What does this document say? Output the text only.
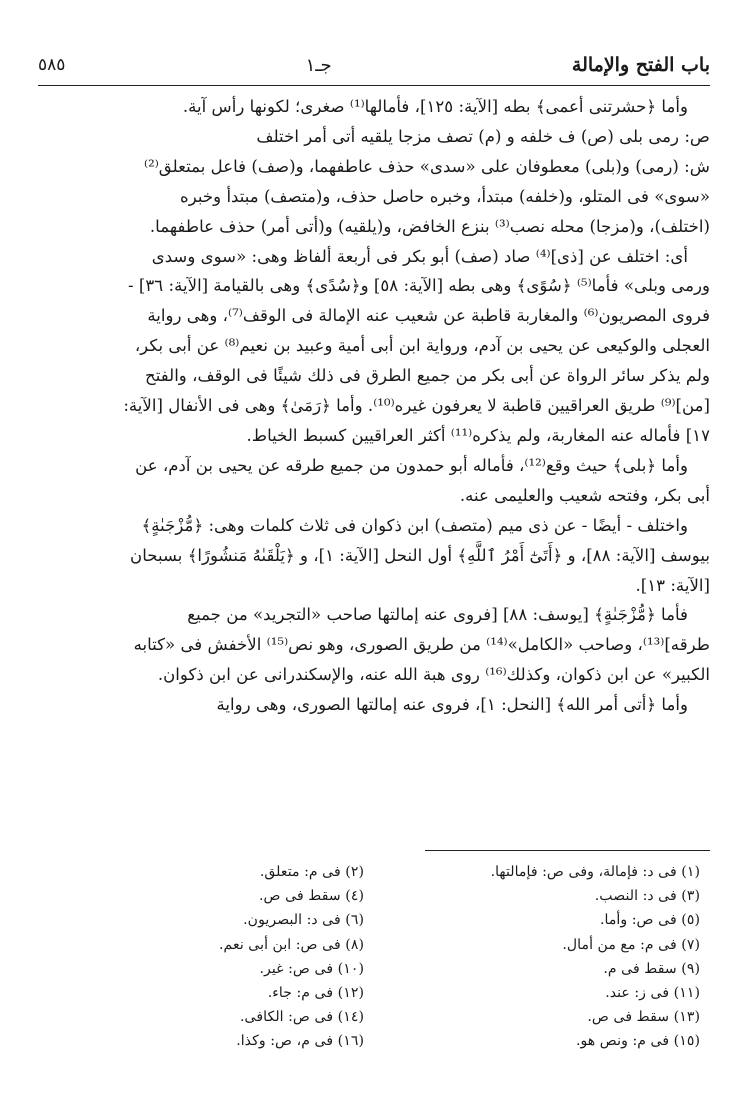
باب الفتح والإمالة
جـ١
٥٨٥

وأما ﴿حشرتنى أعمى﴾ بطه [الآية: ١٢٥]، فأمالها⁽¹⁾ صغرى؛ لكونها رأس آية.

ص: رمى بلى (ص) ف خلفه و (م) تصف مزجا يلقيه أتى أمر اختلف

ش: (رمى) و(بلى) معطوفان على «سدى» حذف عاطفهما، و(صف) فاعل بمتعلق⁽²⁾

«سوى» فى المتلو، و(خلفه) مبتدأ، وخبره حاصل حذف، و(متصف) مبتدأ وخبره

(اختلف)، و(مزجا) محله نصب⁽³⁾ بنزع الخافض، و(يلقيه) و(أتى أمر) حذف عاطفهما.

أى: اختلف عن [ذى]⁽⁴⁾ صاد (صف) أبو بكر فى أربعة ألفاظ وهى: «سوى وسدى

ورمى وبلى» فأما⁽⁵⁾ ﴿سُوًى﴾ وهى بطه [الآية: ٥٨] و﴿سُدًى﴾ وهى بالقيامة [الآية: ٣٦] -

فروى المصريون⁽⁶⁾ والمغاربة قاطبة عن شعيب عنه الإمالة فى الوقف⁽⁷⁾، وهى رواية

العجلى والوكيعى عن يحيى بن آدم، ورواية ابن أبى أمية وعبيد بن نعيم⁽⁸⁾ عن أبى بكر،

ولم يذكر سائر الرواة عن أبى بكر من جميع الطرق فى ذلك شيئًا فى الوقف، والفتح

[من]⁽⁹⁾ طريق العراقيين قاطبة لا يعرفون غيره⁽¹⁰⁾. وأما ﴿رَمَىٰ﴾ وهى فى الأنفال [الآية:

١٧] فأماله عنه المغاربة، ولم يذكره⁽¹¹⁾ أكثر العراقيين كسبط الخياط.

وأما ﴿بلى﴾ حيث وقع⁽¹²⁾، فأماله أبو حمدون من جميع طرقه عن يحيى بن آدم، عن

أبى بكر، وفتحه شعيب والعليمى عنه.

واختلف - أيضًا - عن ذى ميم (متصف) ابن ذكوان فى ثلاث كلمات وهى: ﴿مُّزْجَىٰةٍ﴾

بيوسف [الآية: ٨٨]، و ﴿أَتَىٰٓ أَمْرُ ٱللَّهِ﴾ أول النحل [الآية: ١]، و ﴿يَلْقَىٰهُ مَنشُورًا﴾ بسبحان

[الآية: ١٣].

فأما ﴿مُّزْجَىٰةٍ﴾ [يوسف: ٨٨] [فروى عنه إمالتها صاحب «التجريد» من جميع

طرقه]⁽¹³⁾، وصاحب «الكامل»⁽¹⁴⁾ من طريق الصورى، وهو نص⁽¹⁵⁾ الأخفش فى «كتابه

الكبير» عن ابن ذكوان، وكذلك⁽¹⁶⁾ روى هبة الله عنه، والإسكندرانى عن ابن ذكوان.

وأما ﴿أتى أمر الله﴾ [النحل: ١]، فروى عنه إمالتها الصورى، وهى رواية

(١) فى د: فإمالة، وفى ص: فإمالتها.
(٢) فى م: متعلق.
(٣) فى د: النصب.
(٤) سقط فى ص.
(٥) فى ص: وأما.
(٦) فى د: البصريون.
(٧) فى م: مع من أمال.
(٨) فى ص: ابن أبى نعم.
(٩) سقط فى م.
(١٠) فى ص: غير.
(١١) فى ز: عند.
(١٢) فى م: جاء.
(١٣) سقط فى ص.
(١٤) فى ص: الكافى.
(١٥) فى م: ونص هو.
(١٦) فى م، ص: وكذا.
